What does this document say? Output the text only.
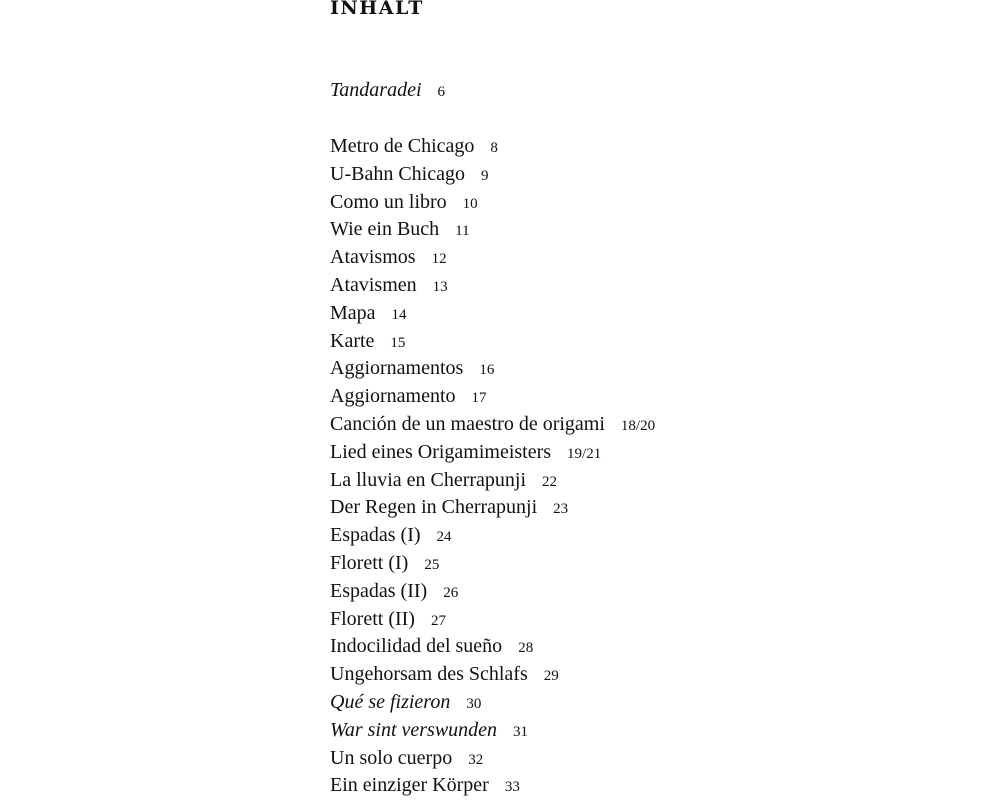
INHALT
Tandaradei 6
Metro de Chicago 8
U-Bahn Chicago 9
Como un libro 10
Wie ein Buch 11
Atavismos 12
Atavismen 13
Mapa 14
Karte 15
Aggiornamentos 16
Aggiornamento 17
Canción de un maestro de origami 18/20
Lied eines Origamimeisters 19/21
La lluvia en Cherrapunji 22
Der Regen in Cherrapunji 23
Espadas (I) 24
Florett (I) 25
Espadas (II) 26
Florett (II) 27
Indocilidad del sueño 28
Ungehorsam des Schlafs 29
Qué se fizieron 30
War sint verswunden 31
Un solo cuerpo 32
Ein einziger Körper 33
